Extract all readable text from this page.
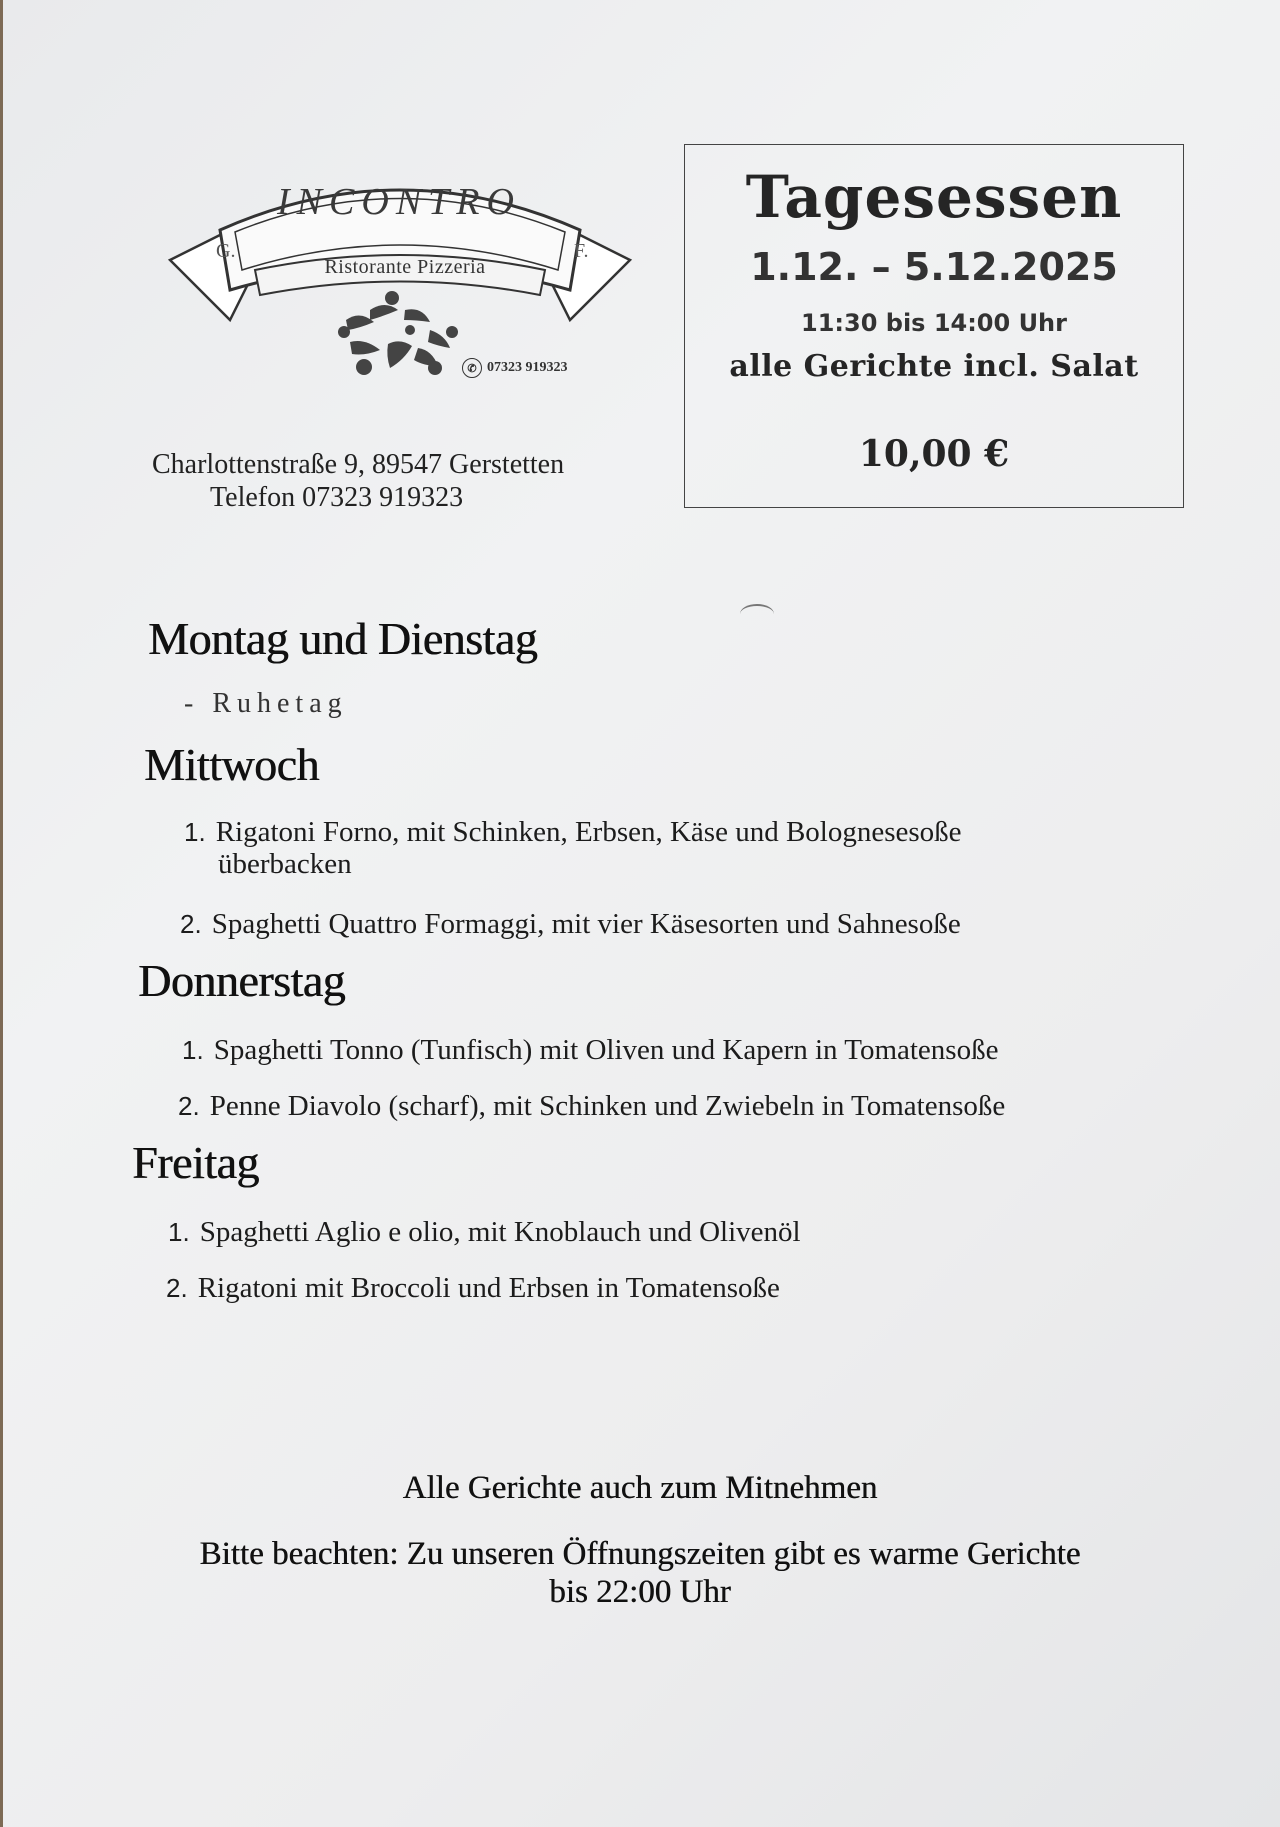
G.	F.
INCONTRO
Ristorante Pizzeria
✆ 07323 919323
Charlottenstraße 9, 89547 Gerstetten
Telefon 07323 919323
Tagesessen
1.12. – 5.12.2025
11:30 bis 14:00 Uhr
alle Gerichte incl. Salat
10,00 €
Montag und Dienstag
- Ruhetag
Mittwoch
1. Rigatoni Forno, mit Schinken, Erbsen, Käse und Bolognesesoße
überbacken
2. Spaghetti Quattro Formaggi, mit vier Käsesorten und Sahnesoße
Donnerstag
1. Spaghetti Tonno (Tunfisch) mit Oliven und Kapern in Tomatensoße
2. Penne Diavolo (scharf), mit Schinken und Zwiebeln in Tomatensoße
Freitag
1. Spaghetti Aglio e olio, mit Knoblauch und Olivenöl
2. Rigatoni mit Broccoli und Erbsen in Tomatensoße
Alle Gerichte auch zum Mitnehmen
Bitte beachten: Zu unseren Öffnungszeiten gibt es warme Gerichte
bis 22:00 Uhr
